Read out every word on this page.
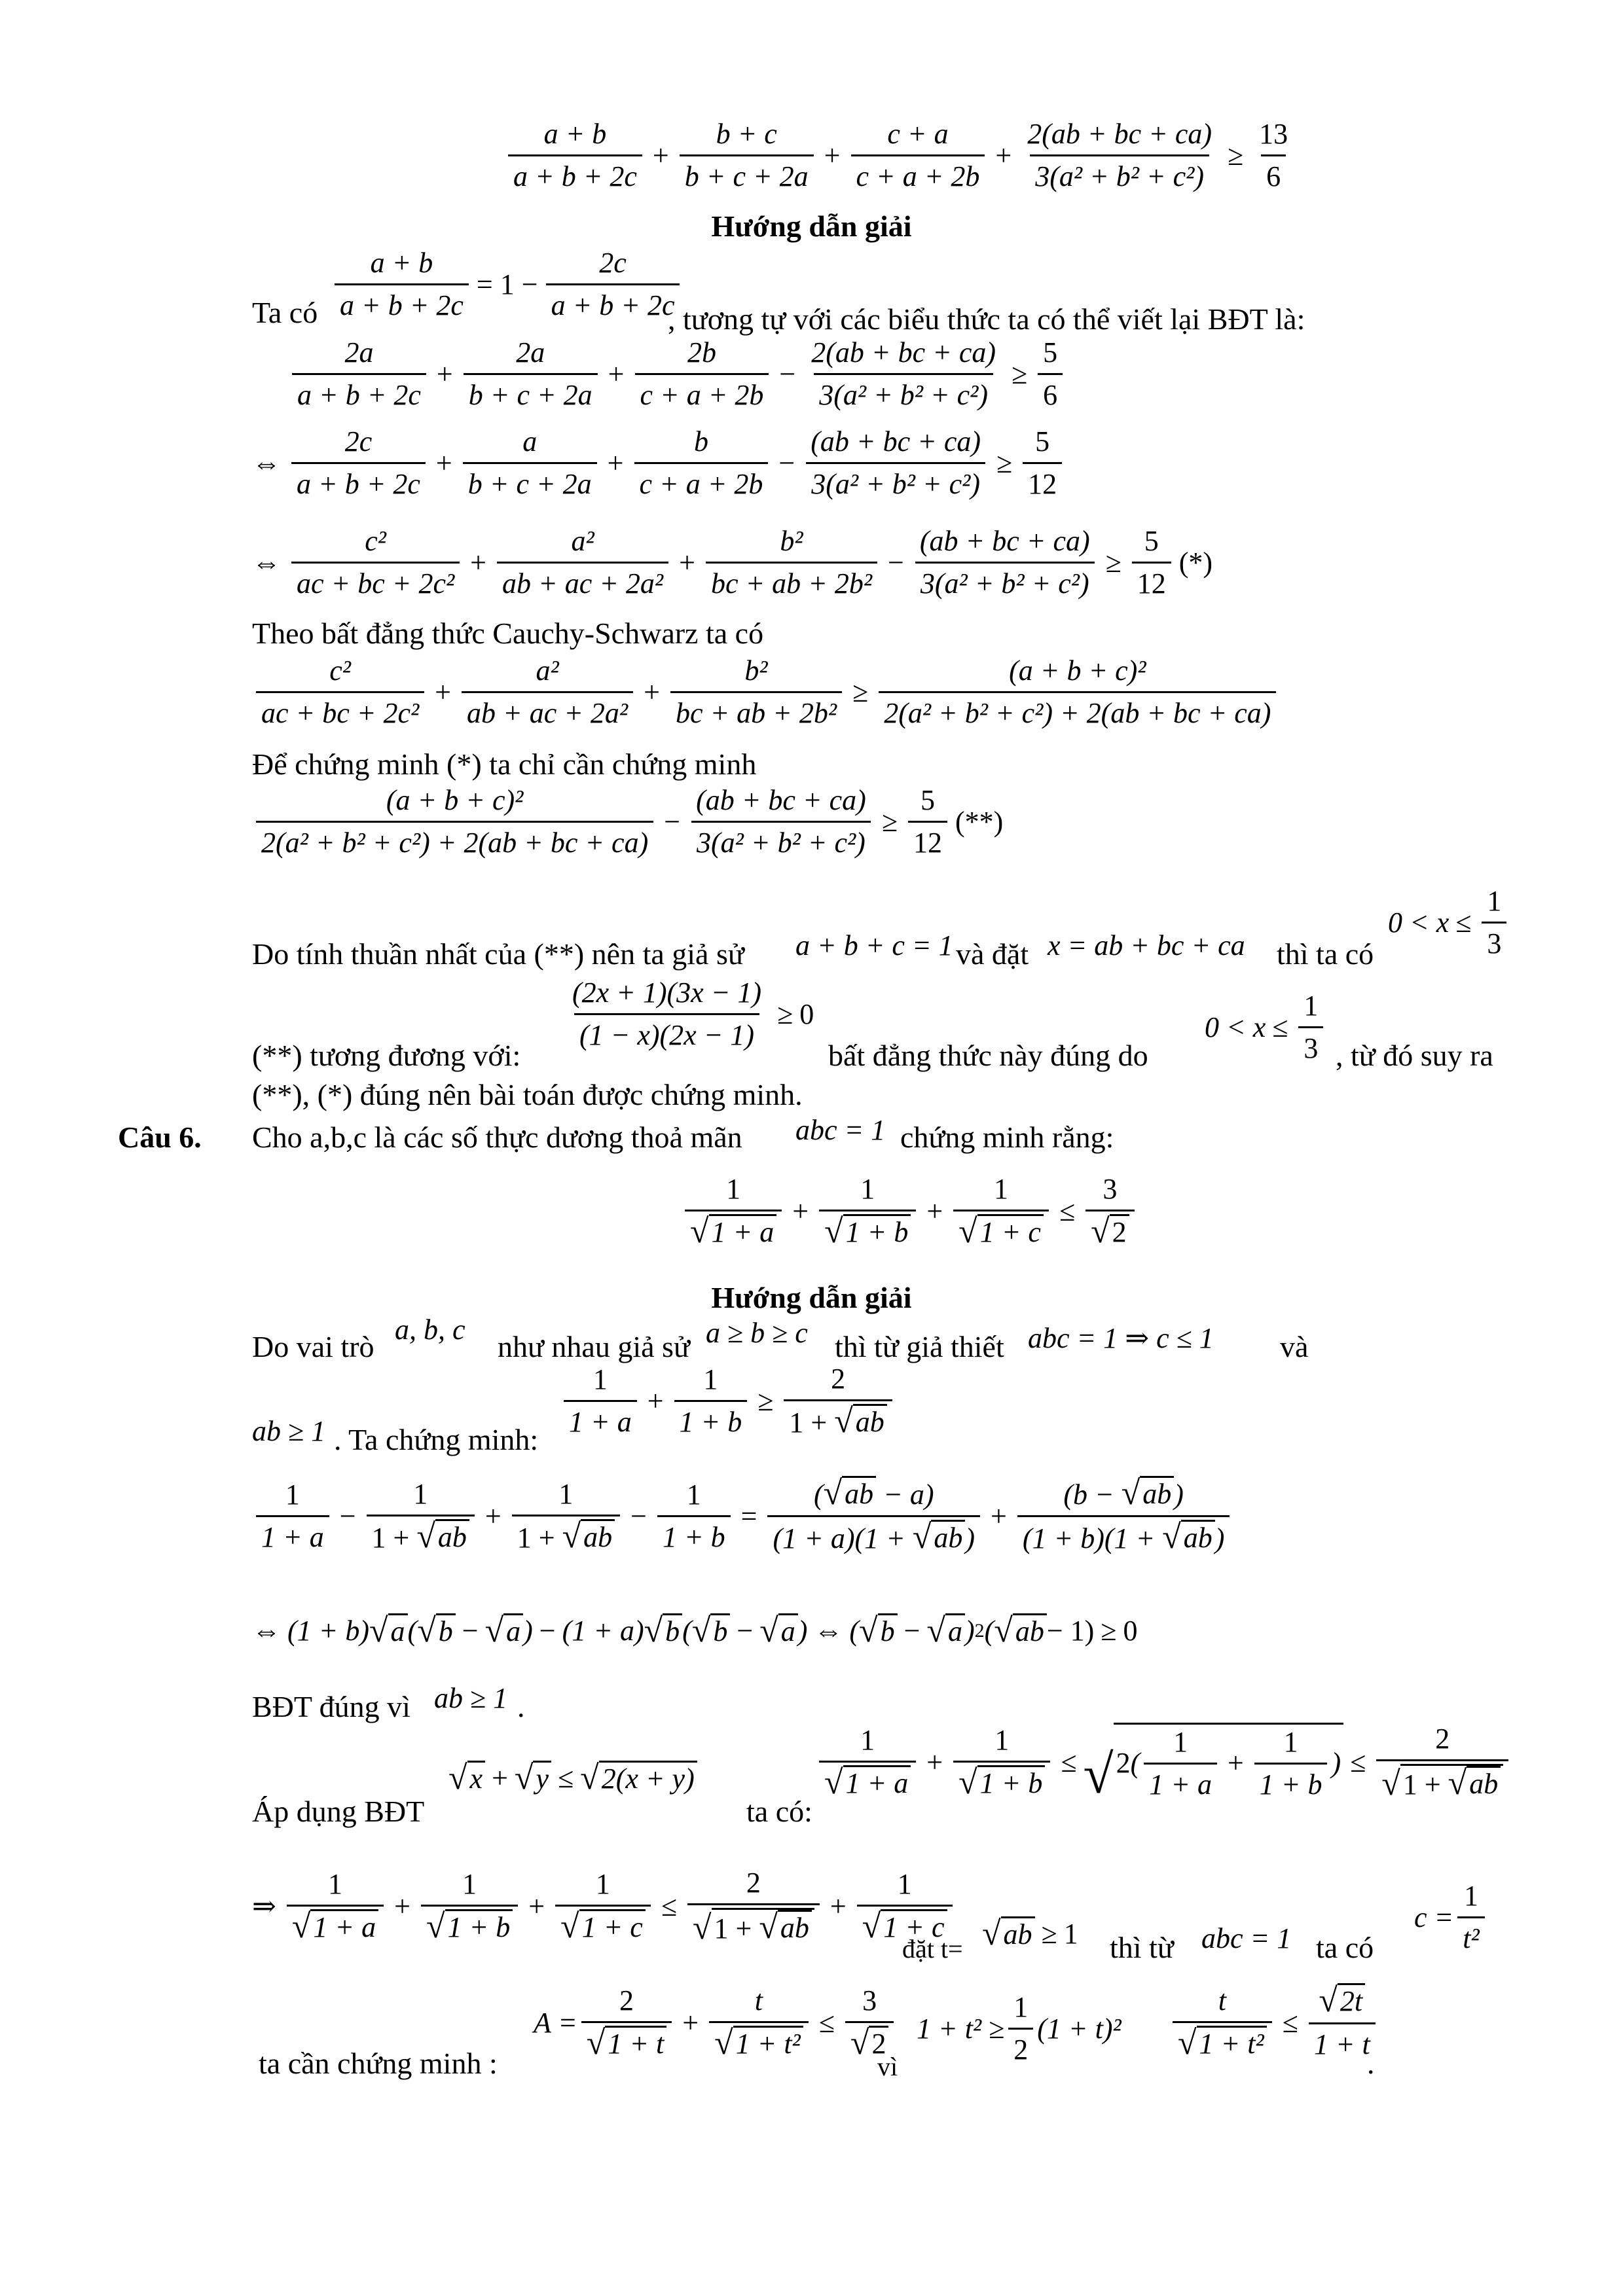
$\frac{a + b}{a + b + 2c} + \frac{b + c}{b + c + 2a} + \frac{c + a}{c + a + 2b} + \frac{2(ab + bc + ca)}{\text{3(a² + b² + c²)}} \ge \frac{13}{6}$
Hướng dẫn giải
Ta có $\frac{a + b}{a + b + 2c} = 1 - \frac{2c}{a + b + 2c}$
, tương tự với các biểu thức ta có thể viết lại BĐT là:
$\frac{2a}{a + b + 2c} + \frac{2a}{b + c + 2a} + \frac{2b}{c + a + 2b} - \frac{2(ab + bc + ca)}{\text{3(a² + b² + c²)}} \ge \frac{5}{6}$
⇔ $\frac{2c}{a + b + 2c} + \frac{a}{b + c + 2a} + \frac{b}{c + a + 2b} - \frac{(ab + bc + ca)}{\text{3(a² + b² + c²)}} \ge \frac{5}{12}$
⇔ $\frac{\text{c²}}{\text{ac + bc + 2c²}} + \frac{\text{a²}}{\text{ab + ac + 2a²}} + \frac{\text{b²}}{\text{bc + ab + 2b²}} - \frac{(ab + bc + ca)}{\text{3(a² + b² + c²)}} \ge \frac{5}{12}$ (*)
Theo bất đẳng thức Cauchy-Schwarz ta có
$\frac{\text{c²}}{\text{ac + bc + 2c²}} + \frac{\text{a²}}{\text{ab + ac + 2a²}} + \frac{\text{b²}}{\text{bc + ab + 2b²}} \ge \frac{\text{(a + b + c)²}}{\text{2(a² + b² + c²) + 2(ab + bc + ca)}}$
Để chứng minh (*) ta chỉ cần chứng minh
$\frac{\text{(a + b + c)²}}{\text{2(a² + b² + c²) + 2(ab + bc + ca)}} - \frac{(ab + bc + ca)}{\text{3(a² + b² + c²)}} \ge \frac{5}{12}$ (**)
Do tính thuần nhất của (**) nên ta giả sử a + b + c = 1 và đặt x = ab + bc + ca thì ta có
$0 < x \le \frac{1}{3}$
(**) tương đương với:
$\frac{(2x + 1)(3x - 1)}{(1 - x)(2x - 1)} \ge 0$
bất đẳng thức này đúng do
$0 < x \le \frac{1}{3}$ , từ đó suy ra
(**), (*) đúng nên bài toán được chứng minh.
Câu 6. Cho a,b,c là các số thực dương thoả mãn abc = 1 chứng minh rằng:
1
√ 1 + a
+ $\frac{1}{√ 1 + b} + \frac{1}{√ 1 + c} \le \frac{3}{√ 2}$
Hướng dẫn giải
Do vai trò
a, b, c
như nhau giả sử a ≥ b ≥ c thì từ giả thiết abc = 1 ⇒ c ≤ 1 và
ab ≥ 1 . Ta chứng minh: $\frac{1}{1 + a} + \frac{1}{1 + b} \ge \frac{2}{1 + √ ab}$
$\frac{1}{1 + a} - \frac{1}{1 + √ ab} + \frac{1}{1 + √ ab} - \frac{1}{1 + b} = \frac{( √ ab - a)}{(1 + a)(1 + √ ab )} + \frac{(b - √ ab )}{(1 + b)(1 + √ ab )}$
⇔ (1 + b) √ a ( √ b − √ a ) − (1 + a) √ b ( √ b − √ a ) ⇔ ( √ b − √ a ) 2 ( √ ab − 1) ≥ 0
BĐT đúng vì ab ≥ 1 .
Áp dụng BĐT
√ x + √ y ≤ √ 2(x + y)
ta có:
1
√ 1 + a
+ $\frac{1}{√ 1 + b}$ ≤ √ 2 ( $\frac{1}{1 + a} + \frac{1}{1 + b}$ ) ≤ $\frac{2}{√ 1 + √ ab}$
⇒
1
√ 1 + a
+ $\frac{1}{√ 1 + b} + \frac{1}{√ 1 + c} \le \frac{2}{√ 1 + √ ab} + \frac{1}{√ 1 + c}$
đặt t= √ ab ≥ 1 thì từ abc = 1 ta có
$c = \frac{1}{\text{t²}}$
ta cần chứng minh :
$A = \frac{2}{√ 1 + t} + \frac{t}{\text{√ 1 + t²}} \le \frac{3}{√ 2}$
vì
$1 + t^2 \ge \frac{1}{2} (1 + t)^2 \frac{t}{\text{√ 1 + t²}} \le \frac{√ 2t}{1 + t}$
.
